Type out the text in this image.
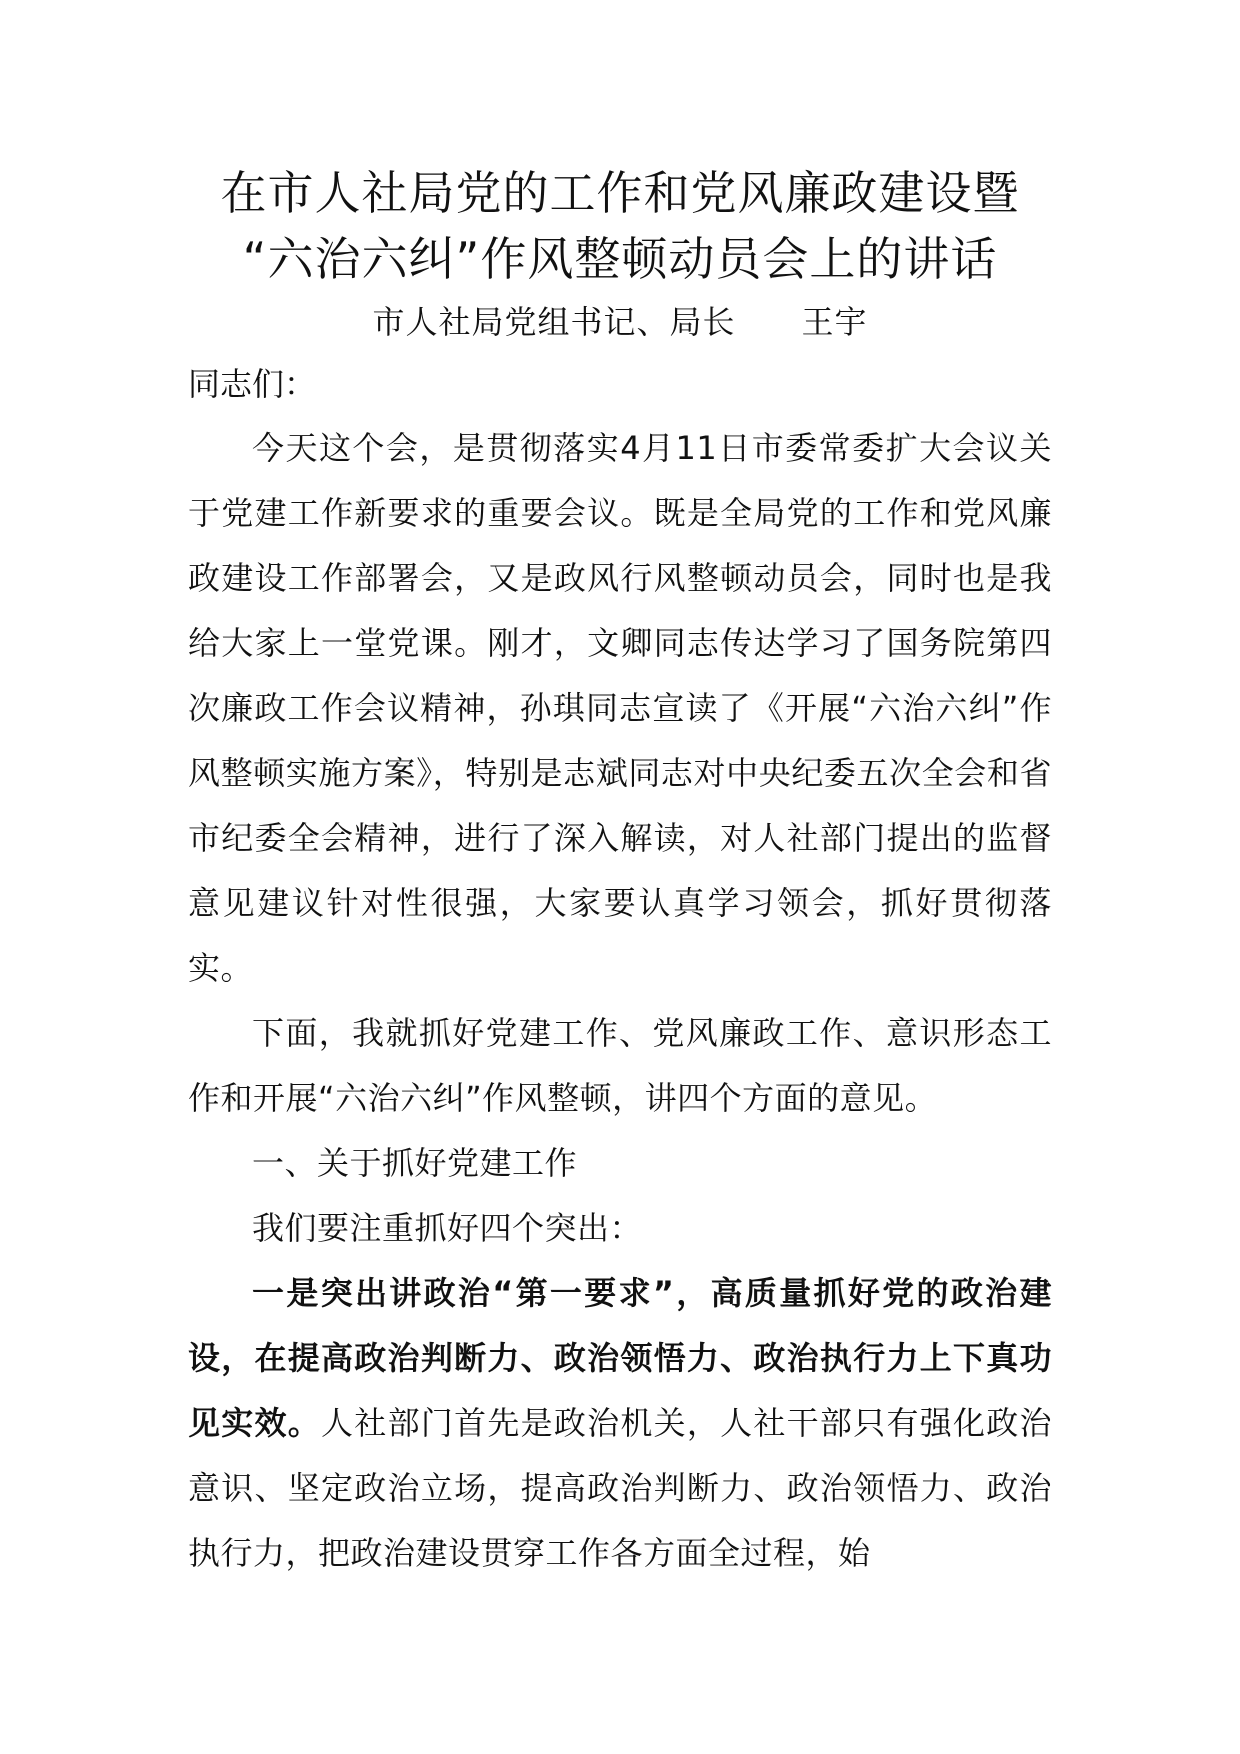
在市人社局党的工作和党风廉政建设暨
“六治六纠”作风整顿动员会上的讲话

市人社局党组书记、局长　　王宇

同志们：

今天这个会，是贯彻落实4月11日市委常委扩大会议关于党建工作新要求的重要会议。既是全局党的工作和党风廉政建设工作部署会，又是政风行风整顿动员会，同时也是我给大家上一堂党课。刚才，文卿同志传达学习了国务院第四次廉政工作会议精神，孙琪同志宣读了《开展“六治六纠”作风整顿实施方案》，特别是志斌同志对中央纪委五次全会和省市纪委全会精神，进行了深入解读，对人社部门提出的监督意见建议针对性很强，大家要认真学习领会，抓好贯彻落实。

下面，我就抓好党建工作、党风廉政工作、意识形态工作和开展“六治六纠”作风整顿，讲四个方面的意见。

一、关于抓好党建工作

我们要注重抓好四个突出：

一是突出讲政治“第一要求”，高质量抓好党的政治建设，在提高政治判断力、政治领悟力、政治执行力上下真功见实效。人社部门首先是政治机关，人社干部只有强化政治意识、坚定政治立场，提高政治判断力、政治领悟力、政治执行力，把政治建设贯穿工作各方面全过程，始
